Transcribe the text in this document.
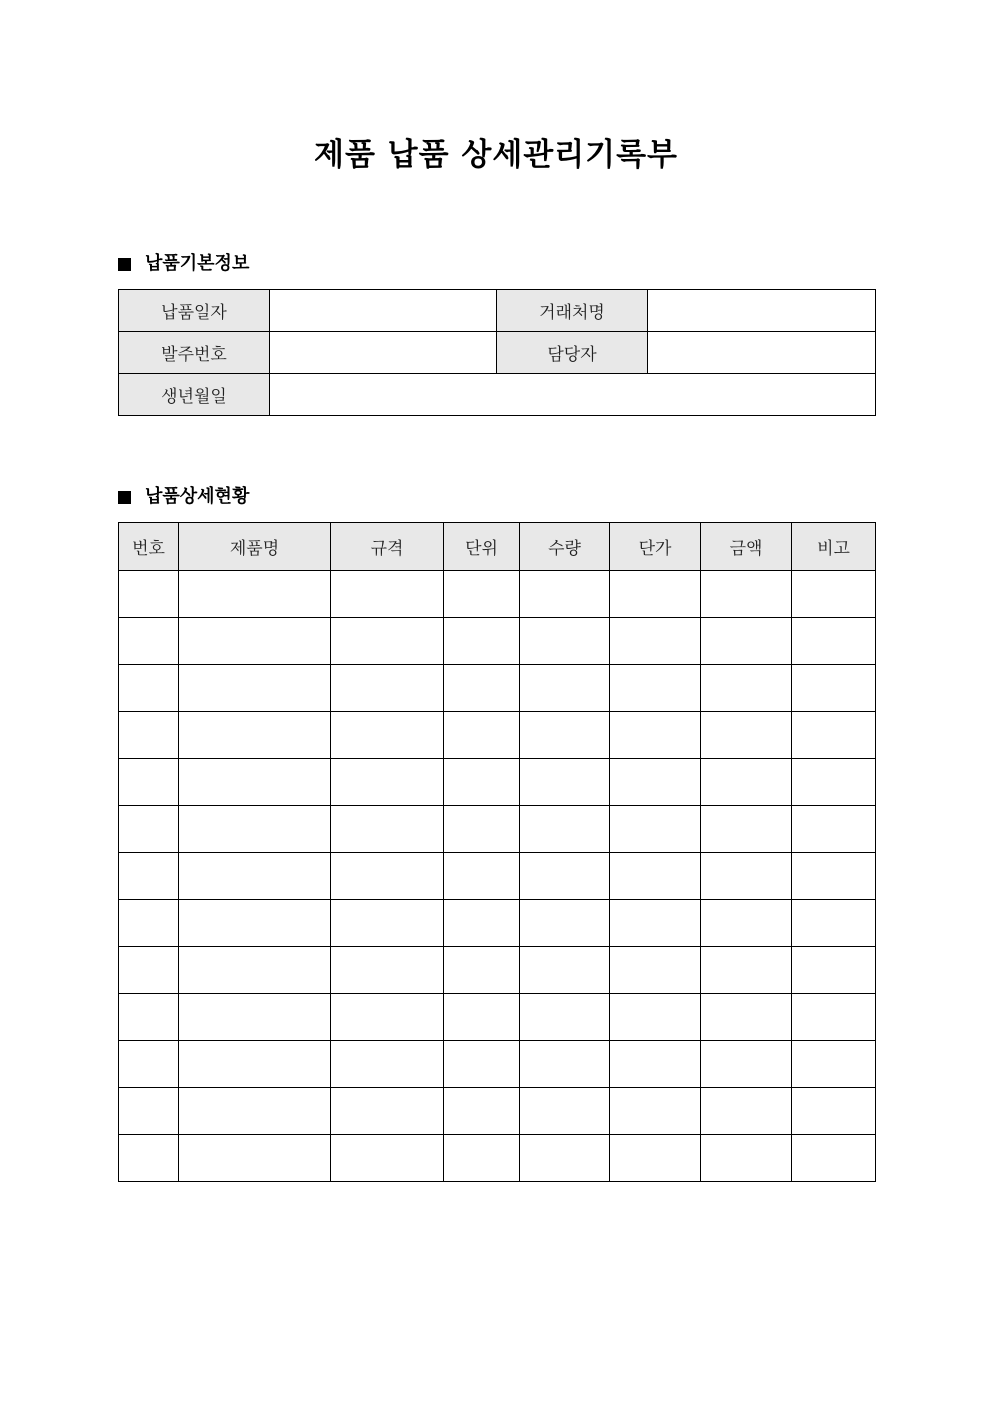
제품 납품 상세관리기록부
납품기본정보
납품일자		거래처명	
발주번호		담당자	
생년월일			
납품상세현황
번호	제품명	규격	단위	수량	단가	금액	비고
